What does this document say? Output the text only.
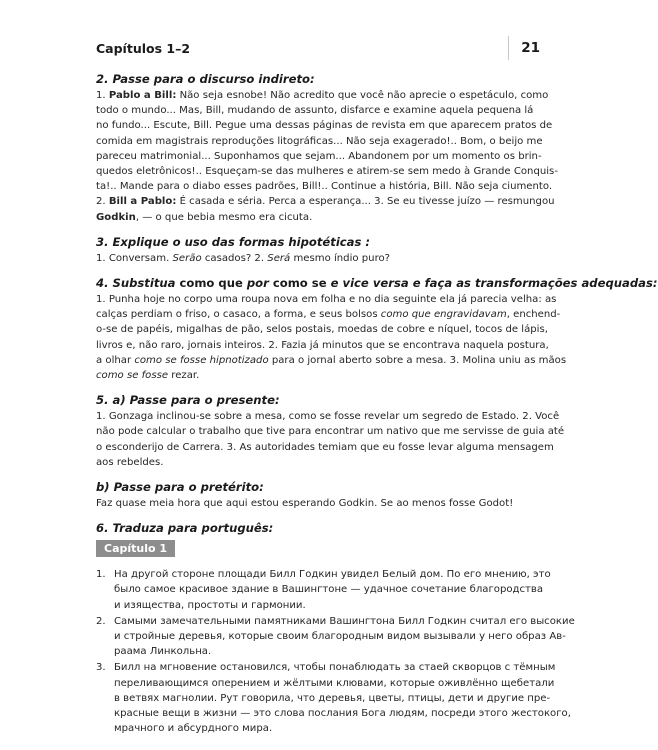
Capítulos 1–2	21
2. Passe para o discurso indireto:
1. Pablo a Bill: Não seja esnobe! Não acredito que você não aprecie o espetáculo, como
todo o mundo... Mas, Bill, mudando de assunto, disfarce e examine aquela pequena lá
no fundo... Escute, Bill. Pegue uma dessas páginas de revista em que aparecem pratos de
comida em magistrais reproduções litográficas... Não seja exagerado!.. Bom, o beijo me
pareceu matrimonial... Suponhamos que sejam... Abandonem por um momento os brin-
quedos eletrônicos!.. Esqueçam-se das mulheres e atirem-se sem medo à Grande Conquis-
ta!.. Mande para o diabo esses padrões, Bill!.. Continue a história, Bill. Não seja ciumento.
2. Bill a Pablo: É casada e séria. Perca a esperança... 3. Se eu tivesse juízo — resmungou
Godkin, — o que bebia mesmo era cicuta.
3. Explique o uso das formas hipotéticas :
1. Conversam. Serão casados? 2. Será mesmo índio puro?
4. Substitua como que por como se e vice versa e faça as transformações adequadas:
1. Punha hoje no corpo uma roupa nova em folha e no dia seguinte ela já parecia velha: as
calças perdiam o friso, o casaco, a forma, e seus bolsos como que engravidavam, enchend-
o-se de papéis, migalhas de pão, selos postais, moedas de cobre e níquel, tocos de lápis,
livros e, não raro, jornais inteiros. 2. Fazia já minutos que se encontrava naquela postura,
a olhar como se fosse hipnotizado para o jornal aberto sobre a mesa. 3. Molina uniu as mãos
como se fosse rezar.
5. a) Passe para o presente:
1. Gonzaga inclinou-se sobre a mesa, como se fosse revelar um segredo de Estado. 2. Você
não pode calcular o trabalho que tive para encontrar um nativo que me servisse de guia até
o esconderijo de Carrera. 3. As autoridades temiam que eu fosse levar alguma mensagem
aos rebeldes.
b) Passe para o pretérito:
Faz quase meia hora que aqui estou esperando Godkin. Se ao menos fosse Godot!
6. Traduza para português:
Capítulo 1
1. На другой стороне площади Билл Годкин увидел Белый дом. По его мнению, это
было самое красивое здание в Вашингтоне — удачное сочетание благородства
и изящества, простоты и гармонии.
2. Самыми замечательными памятниками Вашингтона Билл Годкин считал его высокие
и стройные деревья, которые своим благородным видом вызывали у него образ Ав-
раама Линкольна.
3. Билл на мгновение остановился, чтобы понаблюдать за стаей скворцов с тёмным
переливающимся оперением и жёлтыми клювами, которые оживлённо щебетали
в ветвях магнолии. Рут говорила, что деревья, цветы, птицы, дети и другие пре-
красные вещи в жизни — это слова послания Бога людям, посреди этого жестокого,
мрачного и абсурдного мира.
